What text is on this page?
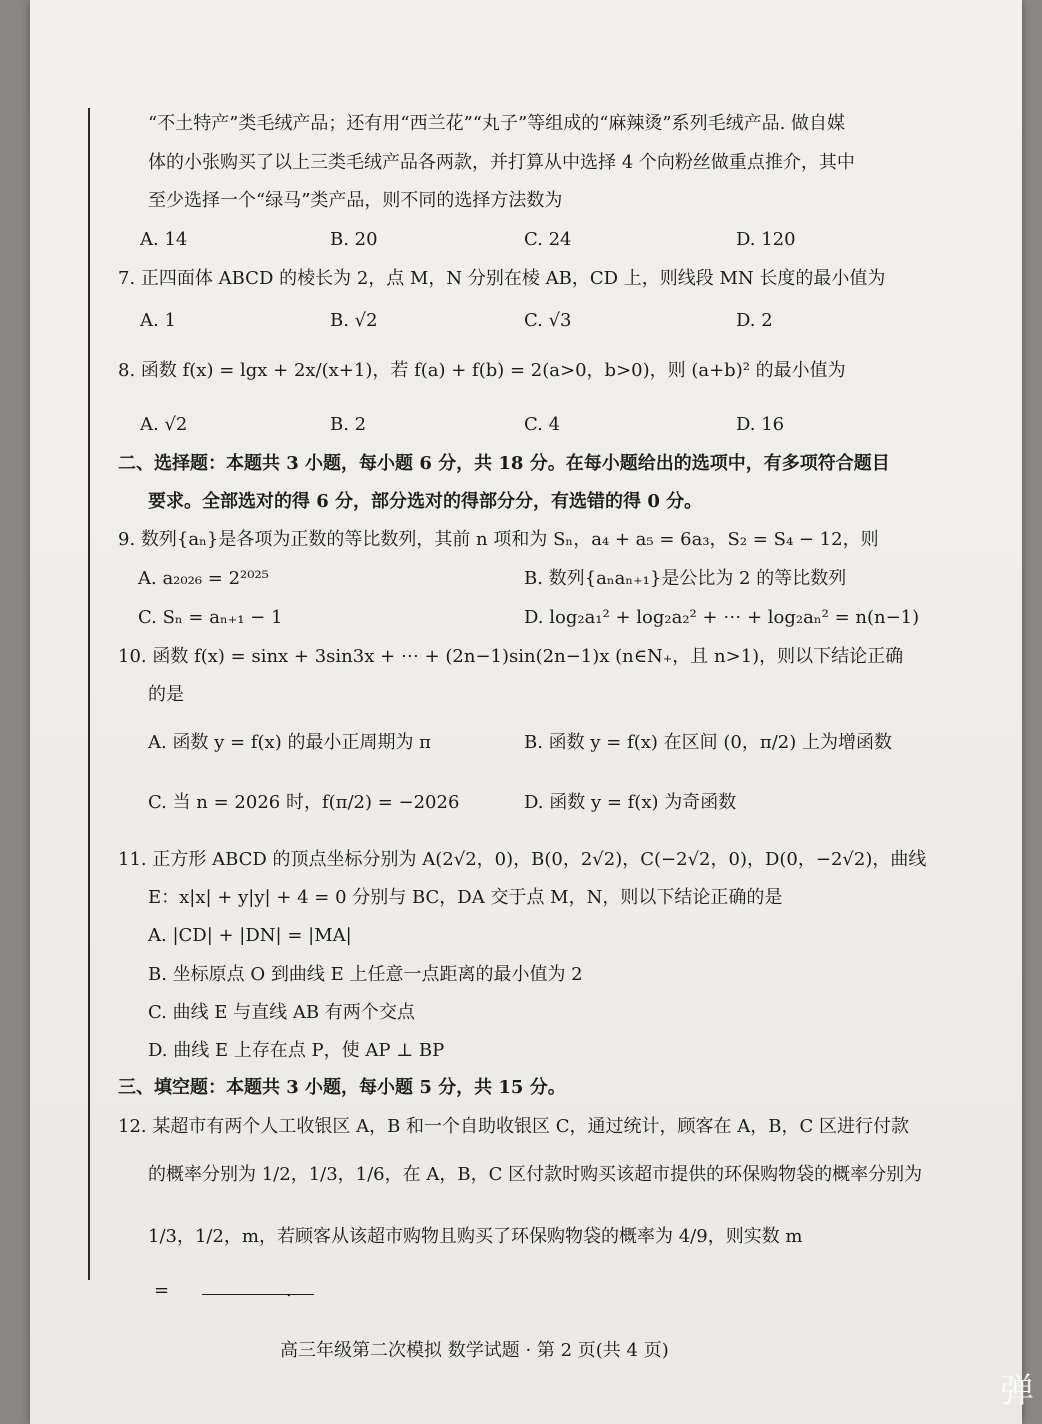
“不土特产”类毛绒产品；还有用“西兰花”“丸子”等组成的“麻辣烫”系列毛绒产品. 做自媒
体的小张购买了以上三类毛绒产品各两款，并打算从中选择 4 个向粉丝做重点推介，其中
至少选择一个“绿马”类产品，则不同的选择方法数为
A. 14	B. 20	C. 24	D. 120
7. 正四面体 ABCD 的棱长为 2，点 M，N 分别在棱 AB，CD 上，则线段 MN 长度的最小值为
A. 1	B. √2	C. √3	D. 2
8. 函数 f(x) = lgx + 2x/(x+1)，若 f(a) + f(b) = 2(a>0，b>0)，则 (a+b)² 的最小值为
A. √2	B. 2	C. 4	D. 16
二、选择题：本题共 3 小题，每小题 6 分，共 18 分。在每小题给出的选项中，有多项符合题目
要求。全部选对的得 6 分，部分选对的得部分分，有选错的得 0 分。
9. 数列{aₙ}是各项为正数的等比数列，其前 n 项和为 Sₙ，a₄ + a₅ = 6a₃，S₂ = S₄ − 12，则
A. a₂₀₂₆ = 2²⁰²⁵	B. 数列{aₙaₙ₊₁}是公比为 2 的等比数列
C. Sₙ = aₙ₊₁ − 1	D. log₂a₁² + log₂a₂² + ⋯ + log₂aₙ² = n(n−1)
10. 函数 f(x) = sinx + 3sin3x + ⋯ + (2n−1)sin(2n−1)x (n∈N₊，且 n>1)，则以下结论正确
的是
A. 函数 y = f(x) 的最小正周期为 π	B. 函数 y = f(x) 在区间 (0，π/2) 上为增函数
C. 当 n = 2026 时，f(π/2) = −2026	D. 函数 y = f(x) 为奇函数
11. 正方形 ABCD 的顶点坐标分别为 A(2√2，0)，B(0，2√2)，C(−2√2，0)，D(0，−2√2)，曲线
E：x|x| + y|y| + 4 = 0 分别与 BC，DA 交于点 M，N，则以下结论正确的是
A. |CD| + |DN| = |MA|
B. 坐标原点 O 到曲线 E 上任意一点距离的最小值为 2
C. 曲线 E 与直线 AB 有两个交点
D. 曲线 E 上存在点 P，使 AP ⊥ BP
三、填空题：本题共 3 小题，每小题 5 分，共 15 分。
12. 某超市有两个人工收银区 A，B 和一个自助收银区 C，通过统计，顾客在 A，B，C 区进行付款
的概率分别为 1/2，1/3，1/6，在 A，B，C 区付款时购买该超市提供的环保购物袋的概率分别为
1/3，1/2，m，若顾客从该超市购物且购买了环保购物袋的概率为 4/9，则实数 m
=	.
高三年级第二次模拟 数学试题 · 第 2 页(共 4 页)
弹
